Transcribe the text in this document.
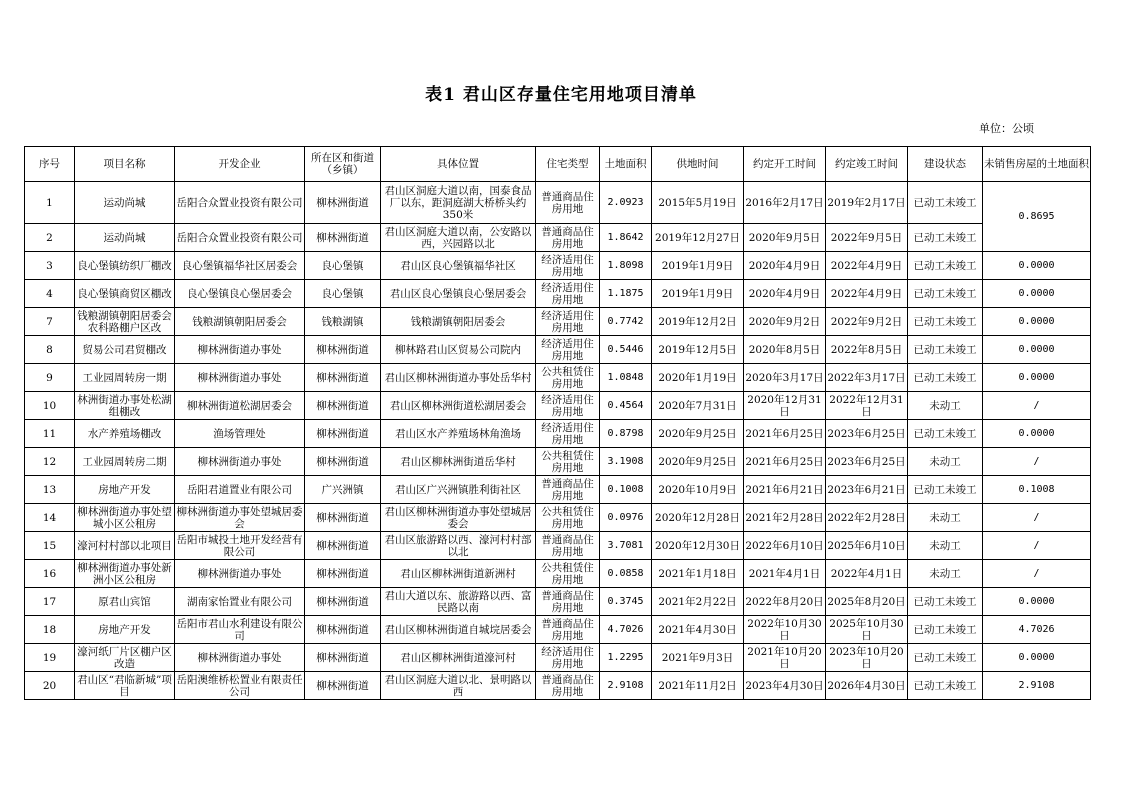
表1 君山区存量住宅用地项目清单
单位：公顷
序号	项目名称	开发企业	所在区和街道（乡镇）	具体位置	住宅类型	土地面积	供地时间	约定开工时间	约定竣工时间	建设状态	未销售房屋的土地面积
1	运动尚城	岳阳合众置业投资有限公司	柳林洲街道	君山区洞庭大道以南，国泰食品厂以东，距洞庭湖大桥桥头约350米	普通商品住房用地	2.0923	2015年5月19日	2016年2月17日	2019年2月17日	已动工未竣工	0.8695
2	运动尚城	岳阳合众置业投资有限公司	柳林洲街道	君山区洞庭大道以南，公安路以西，兴园路以北	普通商品住房用地	1.8642	2019年12月27日	2020年9月5日	2022年9月5日	已动工未竣工	
3	良心堡镇纺织厂棚改	良心堡镇福华社区居委会	良心堡镇	君山区良心堡镇福华社区	经济适用住房用地	1.8098	2019年1月9日	2020年4月9日	2022年4月9日	已动工未竣工	0.0000
4	良心堡镇商贸区棚改	良心堡镇良心堡居委会	良心堡镇	君山区良心堡镇良心堡居委会	经济适用住房用地	1.1875	2019年1月9日	2020年4月9日	2022年4月9日	已动工未竣工	0.0000
7	钱粮湖镇朝阳居委会农科路棚户区改	钱粮湖镇朝阳居委会	钱粮湖镇	钱粮湖镇朝阳居委会	经济适用住房用地	0.7742	2019年12月2日	2020年9月2日	2022年9月2日	已动工未竣工	0.0000
8	贸易公司君贸棚改	柳林洲街道办事处	柳林洲街道	柳林路君山区贸易公司院内	经济适用住房用地	0.5446	2019年12月5日	2020年8月5日	2022年8月5日	已动工未竣工	0.0000
9	工业园周转房一期	柳林洲街道办事处	柳林洲街道	君山区柳林洲街道办事处岳华村	公共租赁住房用地	1.0848	2020年1月19日	2020年3月17日	2022年3月17日	已动工未竣工	0.0000
10	林洲街道办事处松湖组棚改	柳林洲街道松湖居委会	柳林洲街道	君山区柳林洲街道松湖居委会	经济适用住房用地	0.4564	2020年7月31日	2020年12月31日	2022年12月31日	未动工	/
11	水产养殖场棚改	渔场管理处	柳林洲街道	君山区水产养殖场林角渔场	经济适用住房用地	0.8798	2020年9月25日	2021年6月25日	2023年6月25日	已动工未竣工	0.0000
12	工业园周转房二期	柳林洲街道办事处	柳林洲街道	君山区柳林洲街道岳华村	公共租赁住房用地	3.1908	2020年9月25日	2021年6月25日	2023年6月25日	未动工	/
13	房地产开发	岳阳君道置业有限公司	广兴洲镇	君山区广兴洲镇胜利街社区	普通商品住房用地	0.1008	2020年10月9日	2021年6月21日	2023年6月21日	已动工未竣工	0.1008
14	柳林洲街道办事处望城小区公租房	柳林洲街道办事处望城居委会	柳林洲街道	君山区柳林洲街道办事处望城居委会	公共租赁住房用地	0.0976	2020年12月28日	2021年2月28日	2022年2月28日	未动工	/
15	濠河村村部以北项目	岳阳市城投土地开发经营有限公司	柳林洲街道	君山区旅游路以西、濠河村村部以北	普通商品住房用地	3.7081	2020年12月30日	2022年6月10日	2025年6月10日	未动工	/
16	柳林洲街道办事处新洲小区公租房	柳林洲街道办事处	柳林洲街道	君山区柳林洲街道新洲村	公共租赁住房用地	0.0858	2021年1月18日	2021年4月1日	2022年4月1日	未动工	/
17	原君山宾馆	湖南家怡置业有限公司	柳林洲街道	君山大道以东、旅游路以西、富民路以南	普通商品住房用地	0.3745	2021年2月22日	2022年8月20日	2025年8月20日	已动工未竣工	0.0000
18	房地产开发	岳阳市君山水利建设有限公司	柳林洲街道	君山区柳林洲街道自城垸居委会	普通商品住房用地	4.7026	2021年4月30日	2022年10月30日	2025年10月30日	已动工未竣工	4.7026
19	濠河纸厂片区棚户区改造	柳林洲街道办事处	柳林洲街道	君山区柳林洲街道濠河村	经济适用住房用地	1.2295	2021年9月3日	2021年10月20日	2023年10月20日	已动工未竣工	0.0000
20	君山区“君临新城”项目	岳阳澳维桥松置业有限责任公司	柳林洲街道	君山区洞庭大道以北、景明路以西	普通商品住房用地	2.9108	2021年11月2日	2023年4月30日	2026年4月30日	已动工未竣工	2.9108
